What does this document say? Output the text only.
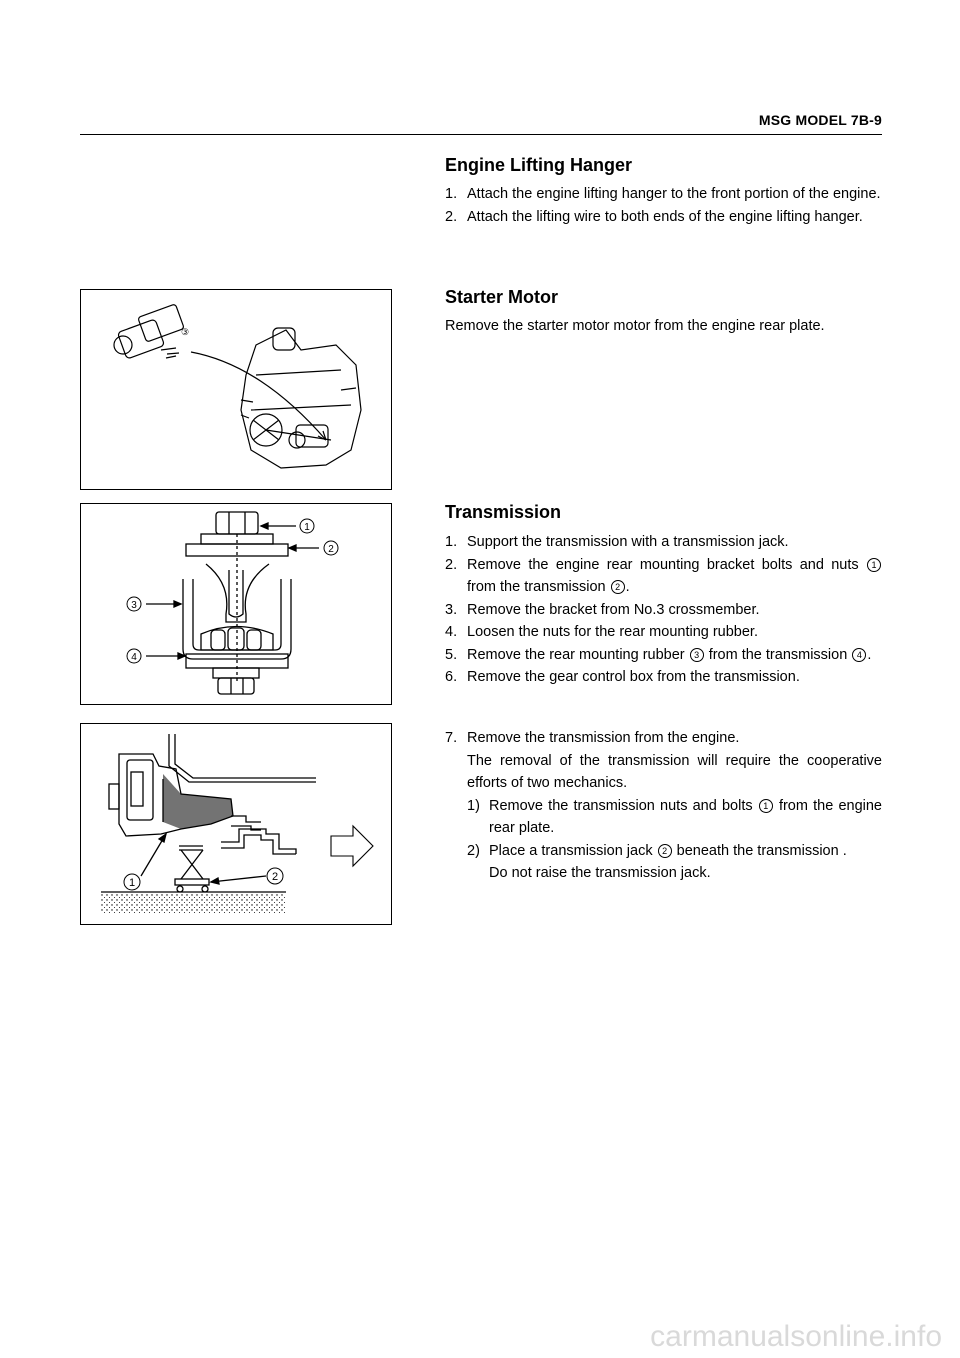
MSG MODEL 7B-9
③
1
2
3
4
1	2
Engine Lifting Hanger
1. Attach the engine lifting hanger to the front portion of the engine.
2. Attach the lifting wire to both ends of the engine lifting hanger.
Starter Motor
Remove the starter motor motor from the engine rear plate.
Transmission
1. Support the transmission with a transmission jack.
2. Remove the engine rear mounting bracket bolts and nuts 1 from the transmission 2 .
3. Remove the bracket from No.3 crossmember.
4. Loosen the nuts for the rear mounting rubber.
5. Remove the rear mounting rubber 3 from the transmission 4 .
6. Remove the gear control box from the transmission.
7. Remove the transmission from the engine.
The removal of the transmission will require the cooperative efforts of two mechanics.
1) Remove the transmission nuts and bolts 1 from the engine rear plate.
2) Place a transmission jack 2 beneath the transmission .
Do not raise the transmission jack.
carmanualsonline.info
